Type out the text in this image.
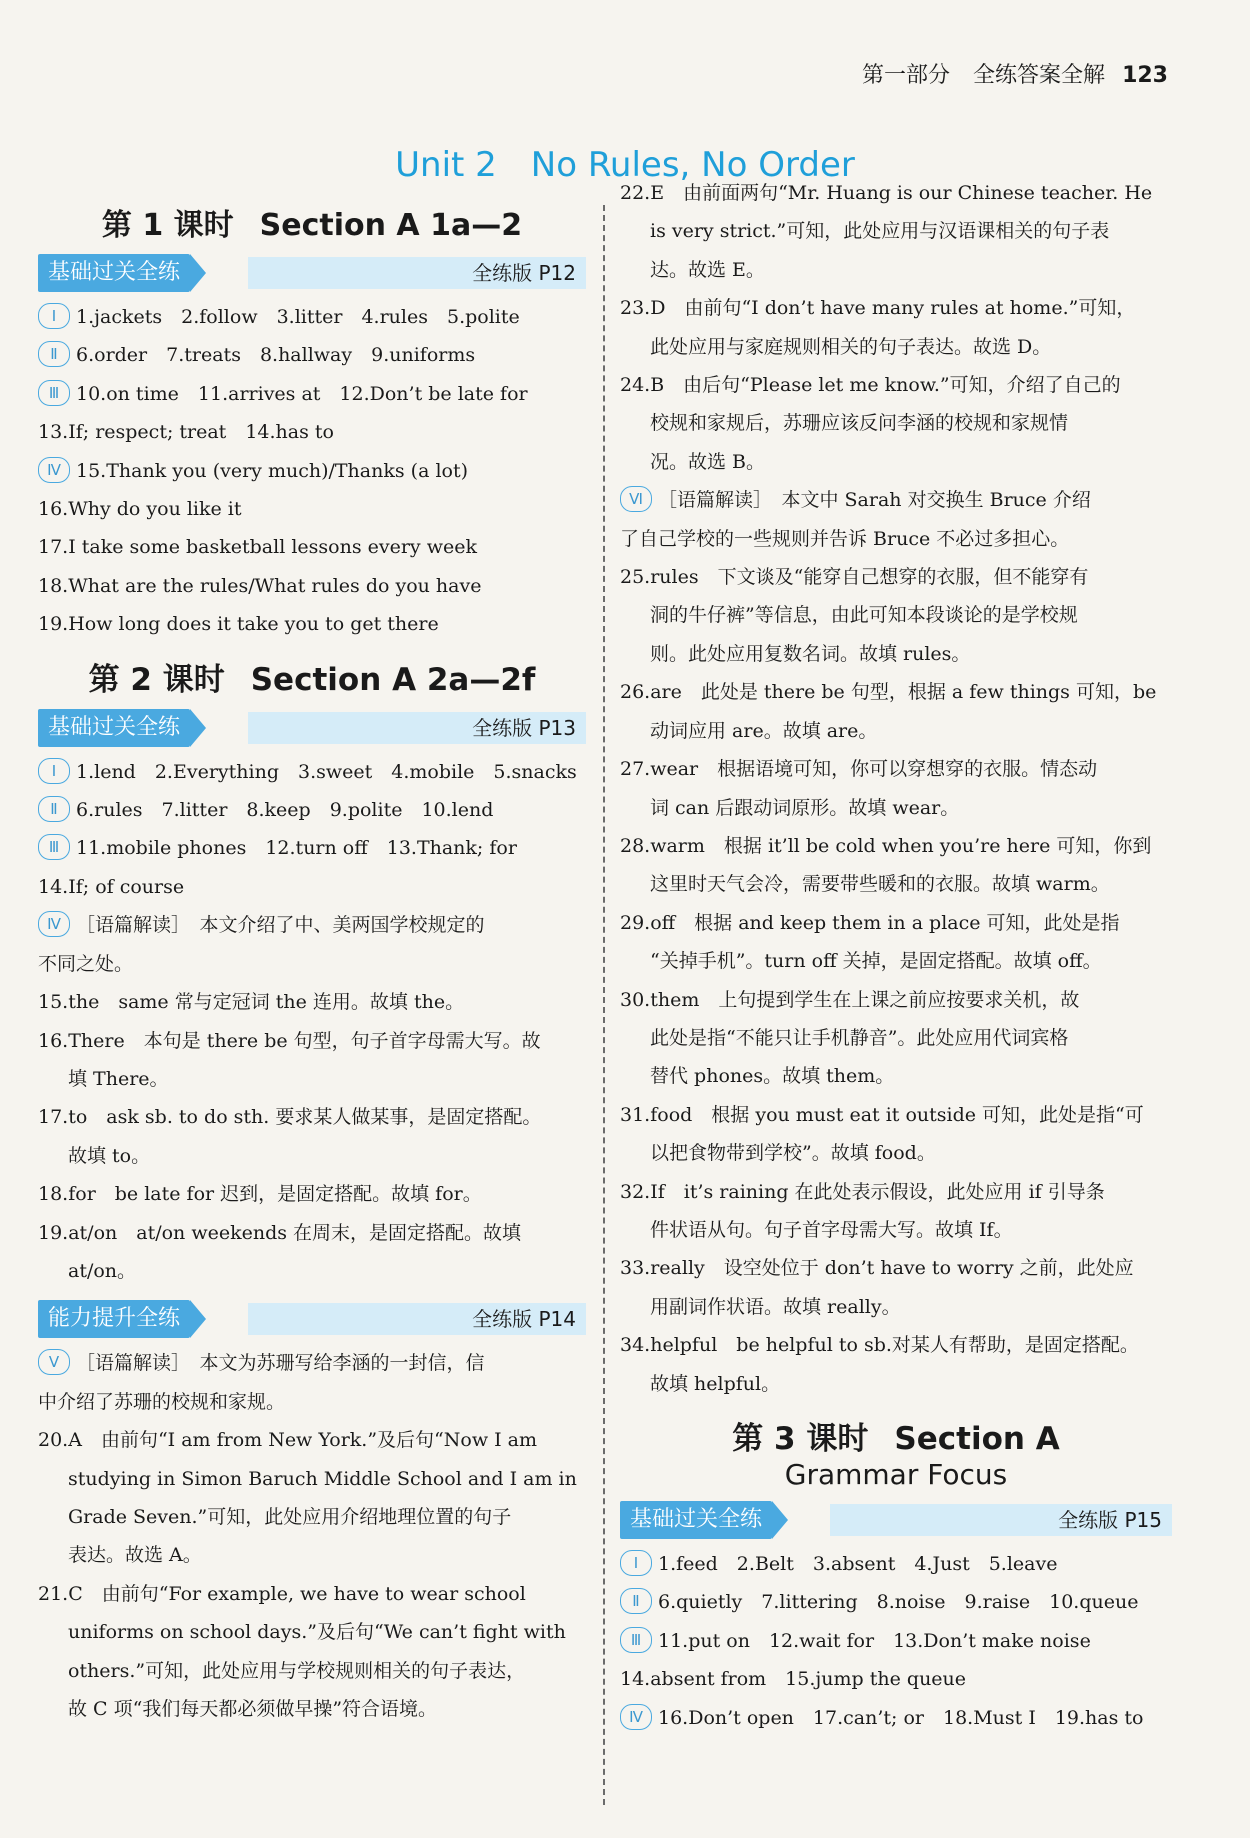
第一部分 全练答案全解 123
Unit 2　No Rules, No Order
第 1 课时 Section A 1a—2
基础过关全练	全练版 P12
Ⅰ 1.jackets　2.follow　3.litter　4.rules　5.polite
Ⅱ 6.order　7.treats　8.hallway　9.uniforms
Ⅲ 10.on time　11.arrives at　12.Don’t be late for
13.If; respect; treat　14.has to
Ⅳ 15.Thank you (very much)/Thanks (a lot)
16.Why do you like it
17.I take some basketball lessons every week
18.What are the rules/What rules do you have
19.How long does it take you to get there
第 2 课时 Section A 2a—2f
基础过关全练	全练版 P13
Ⅰ 1.lend　2.Everything　3.sweet　4.mobile　5.snacks
Ⅱ 6.rules　7.litter　8.keep　9.polite　10.lend
Ⅲ 11.mobile phones　12.turn off　13.Thank; for
14.If; of course
Ⅳ ［语篇解读］　本文介绍了中、美两国学校规定的
不同之处。
15.the　same 常与定冠词 the 连用。故填 the。
16.There　本句是 there be 句型，句子首字母需大写。故
填 There。
17.to　ask sb. to do sth. 要求某人做某事，是固定搭配。
故填 to。
18.for　be late for 迟到，是固定搭配。故填 for。
19.at/on　at/on weekends 在周末，是固定搭配。故填
at/on。
能力提升全练	全练版 P14
Ⅴ ［语篇解读］　本文为苏珊写给李涵的一封信，信
中介绍了苏珊的校规和家规。
20.A　由前句“I am from New York.”及后句“Now I am
studying in Simon Baruch Middle School and I am in
Grade Seven.”可知，此处应用介绍地理位置的句子
表达。故选 A。
21.C　由前句“For example, we have to wear school
uniforms on school days.”及后句“We can’t fight with
others.”可知，此处应用与学校规则相关的句子表达，
故 C 项“我们每天都必须做早操”符合语境。
22.E　由前面两句“Mr. Huang is our Chinese teacher. He
is very strict.”可知，此处应用与汉语课相关的句子表
达。故选 E。
23.D　由前句“I don’t have many rules at home.”可知，
此处应用与家庭规则相关的句子表达。故选 D。
24.B　由后句“Please let me know.”可知，介绍了自己的
校规和家规后，苏珊应该反问李涵的校规和家规情
况。故选 B。
Ⅵ ［语篇解读］　本文中 Sarah 对交换生 Bruce 介绍
了自己学校的一些规则并告诉 Bruce 不必过多担心。
25.rules　下文谈及“能穿自己想穿的衣服，但不能穿有
洞的牛仔裤”等信息，由此可知本段谈论的是学校规
则。此处应用复数名词。故填 rules。
26.are　此处是 there be 句型，根据 a few things 可知，be
动词应用 are。故填 are。
27.wear　根据语境可知，你可以穿想穿的衣服。情态动
词 can 后跟动词原形。故填 wear。
28.warm　根据 it’ll be cold when you’re here 可知，你到
这里时天气会冷，需要带些暖和的衣服。故填 warm。
29.off　根据 and keep them in a place 可知，此处是指
“关掉手机”。turn off 关掉，是固定搭配。故填 off。
30.them　上句提到学生在上课之前应按要求关机，故
此处是指“不能只让手机静音”。此处应用代词宾格
替代 phones。故填 them。
31.food　根据 you must eat it outside 可知，此处是指“可
以把食物带到学校”。故填 food。
32.If　it’s raining 在此处表示假设，此处应用 if 引导条
件状语从句。句子首字母需大写。故填 If。
33.really　设空处位于 don’t have to worry 之前，此处应
用副词作状语。故填 really。
34.helpful　be helpful to sb.对某人有帮助，是固定搭配。
故填 helpful。
第 3 课时 Section A
Grammar Focus
基础过关全练	全练版 P15
Ⅰ 1.feed　2.Belt　3.absent　4.Just　5.leave
Ⅱ 6.quietly　7.littering　8.noise　9.raise　10.queue
Ⅲ 11.put on　12.wait for　13.Don’t make noise
14.absent from　15.jump the queue
Ⅳ 16.Don’t open　17.can’t; or　18.Must I　19.has to
